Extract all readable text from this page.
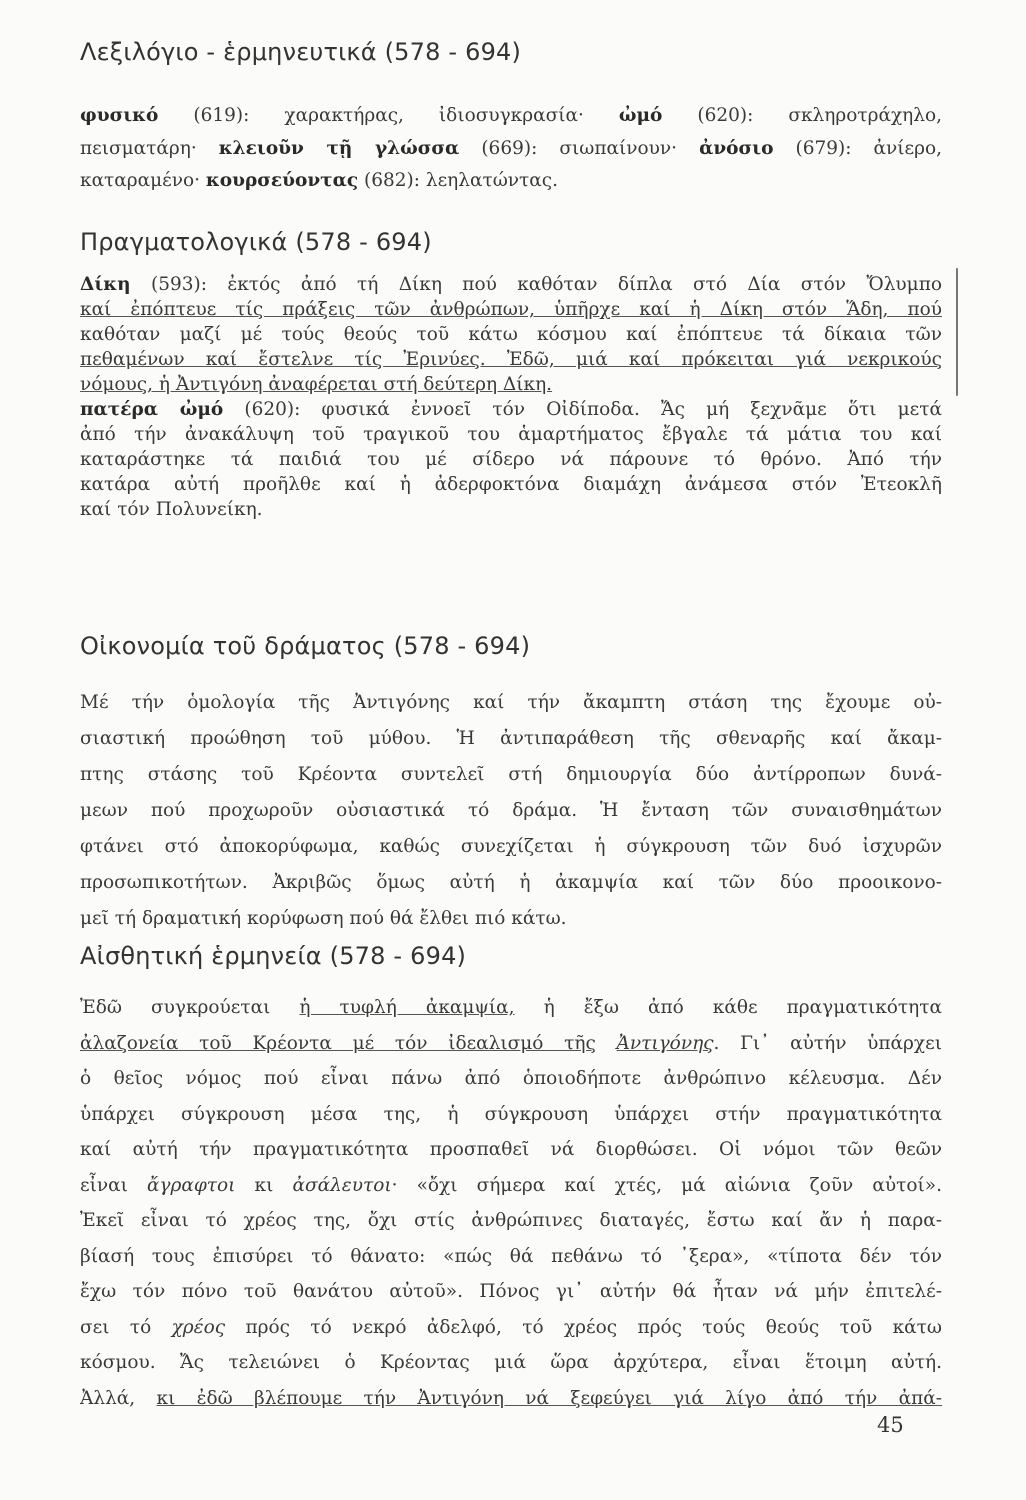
Λεξιλόγιο - ἑρμηνευτικά (578 - 694)
φυσικό (619): χαρακτήρας, ἰδιοσυγκρασία· ὠμό (620): σκληροτράχηλο,
πεισματάρη· κλειοῦν τῇ γλώσσα (669): σιωπαίνουν· ἀνόσιο (679): ἀνίερο,
καταραμένο· κουρσεύοντας (682): λεηλατώντας.
Πραγματολογικά (578 - 694)
Δίκη (593): ἐκτός ἀπό τή Δίκη πού καθόταν δίπλα στό Δία στόν Ὄλυμπο
καί ἐπόπτευε τίς πράξεις τῶν ἀνθρώπων, ὑπῆρχε καί ἡ Δίκη στόν Ἅδη, πού
καθόταν μαζί μέ τούς θεούς τοῦ κάτω κόσμου καί ἐπόπτευε τά δίκαια τῶν
πεθαμένων καί ἔστελνε τίς Ἐρινύες. Ἐδῶ, μιά καί πρόκειται γιά νεκρικούς
νόμους, ἡ Ἀντιγόνη ἀναφέρεται στή δεύτερη Δίκη.
πατέρα ὠμό (620): φυσικά ἐννοεῖ τόν Οἰδίποδα. Ἄς μή ξεχνᾶμε ὅτι μετά
ἀπό τήν ἀνακάλυψη τοῦ τραγικοῦ του ἁμαρτήματος ἔβγαλε τά μάτια του καί
καταράστηκε τά παιδιά του μέ σίδερο νά πάρουνε τό θρόνο. Ἀπό τήν
κατάρα αὐτή προῆλθε καί ἡ ἀδερφοκτόνα διαμάχη ἀνάμεσα στόν Ἐτεοκλῆ
καί τόν Πολυνείκη.
Οἰκονομία τοῦ δράματος (578 - 694)
Μέ τήν ὁμολογία τῆς Ἀντιγόνης καί τήν ἄκαμπτη στάση της ἔχουμε οὐ-
σιαστική προώθηση τοῦ μύθου. Ἡ ἀντιπαράθεση τῆς σθεναρῆς καί ἄκαμ-
πτης στάσης τοῦ Κρέοντα συντελεῖ στή δημιουργία δύο ἀντίρροπων δυνά-
μεων πού προχωροῦν οὐσιαστικά τό δράμα. Ἡ ἔνταση τῶν συναισθημάτων
φτάνει στό ἀποκορύφωμα, καθώς συνεχίζεται ἡ σύγκρουση τῶν δυό ἰσχυρῶν
προσωπικοτήτων. Ἀκριβῶς ὅμως αὐτή ἡ ἀκαμψία καί τῶν δύο προοικονο-
μεῖ τή δραματική κορύφωση πού θά ἔλθει πιό κάτω.
Αἰσθητική ἑρμηνεία (578 - 694)
Ἐδῶ συγκρούεται ἡ τυφλή ἀκαμψία, ἡ ἔξω ἀπό κάθε πραγματικότητα
ἀλαζονεία τοῦ Κρέοντα μέ τόν ἰδεαλισμό τῆς Ἀντιγόνης. Γι᾽ αὐτήν ὑπάρχει
ὁ θεῖος νόμος πού εἶναι πάνω ἀπό ὁποιοδήποτε ἀνθρώπινο κέλευσμα. Δέν
ὑπάρχει σύγκρουση μέσα της, ἡ σύγκρουση ὑπάρχει στήν πραγματικότητα
καί αὐτή τήν πραγματικότητα προσπαθεῖ νά διορθώσει. Οἱ νόμοι τῶν θεῶν
εἶναι ἄγραφτοι κι ἀσάλευτοι· «ὄχι σήμερα καί χτές, μά αἰώνια ζοῦν αὐτοί».
Ἐκεῖ εἶναι τό χρέος της, ὄχι στίς ἀνθρώπινες διαταγές, ἔστω καί ἄν ἡ παρα-
βίασή τους ἐπισύρει τό θάνατο: «πώς θά πεθάνω τό ᾽ξερα», «τίποτα δέν τόν
ἔχω τόν πόνο τοῦ θανάτου αὐτοῦ». Πόνος γι᾽ αὐτήν θά ἦταν νά μήν ἐπιτελέ-
σει τό χρέος πρός τό νεκρό ἀδελφό, τό χρέος πρός τούς θεούς τοῦ κάτω
κόσμου. Ἄς τελειώνει ὁ Κρέοντας μιά ὥρα ἀρχύτερα, εἶναι ἕτοιμη αὐτή.
Ἀλλά, κι ἐδῶ βλέπουμε τήν Ἀντιγόνη νά ξεφεύγει γιά λίγο ἀπό τήν ἀπά-
45
